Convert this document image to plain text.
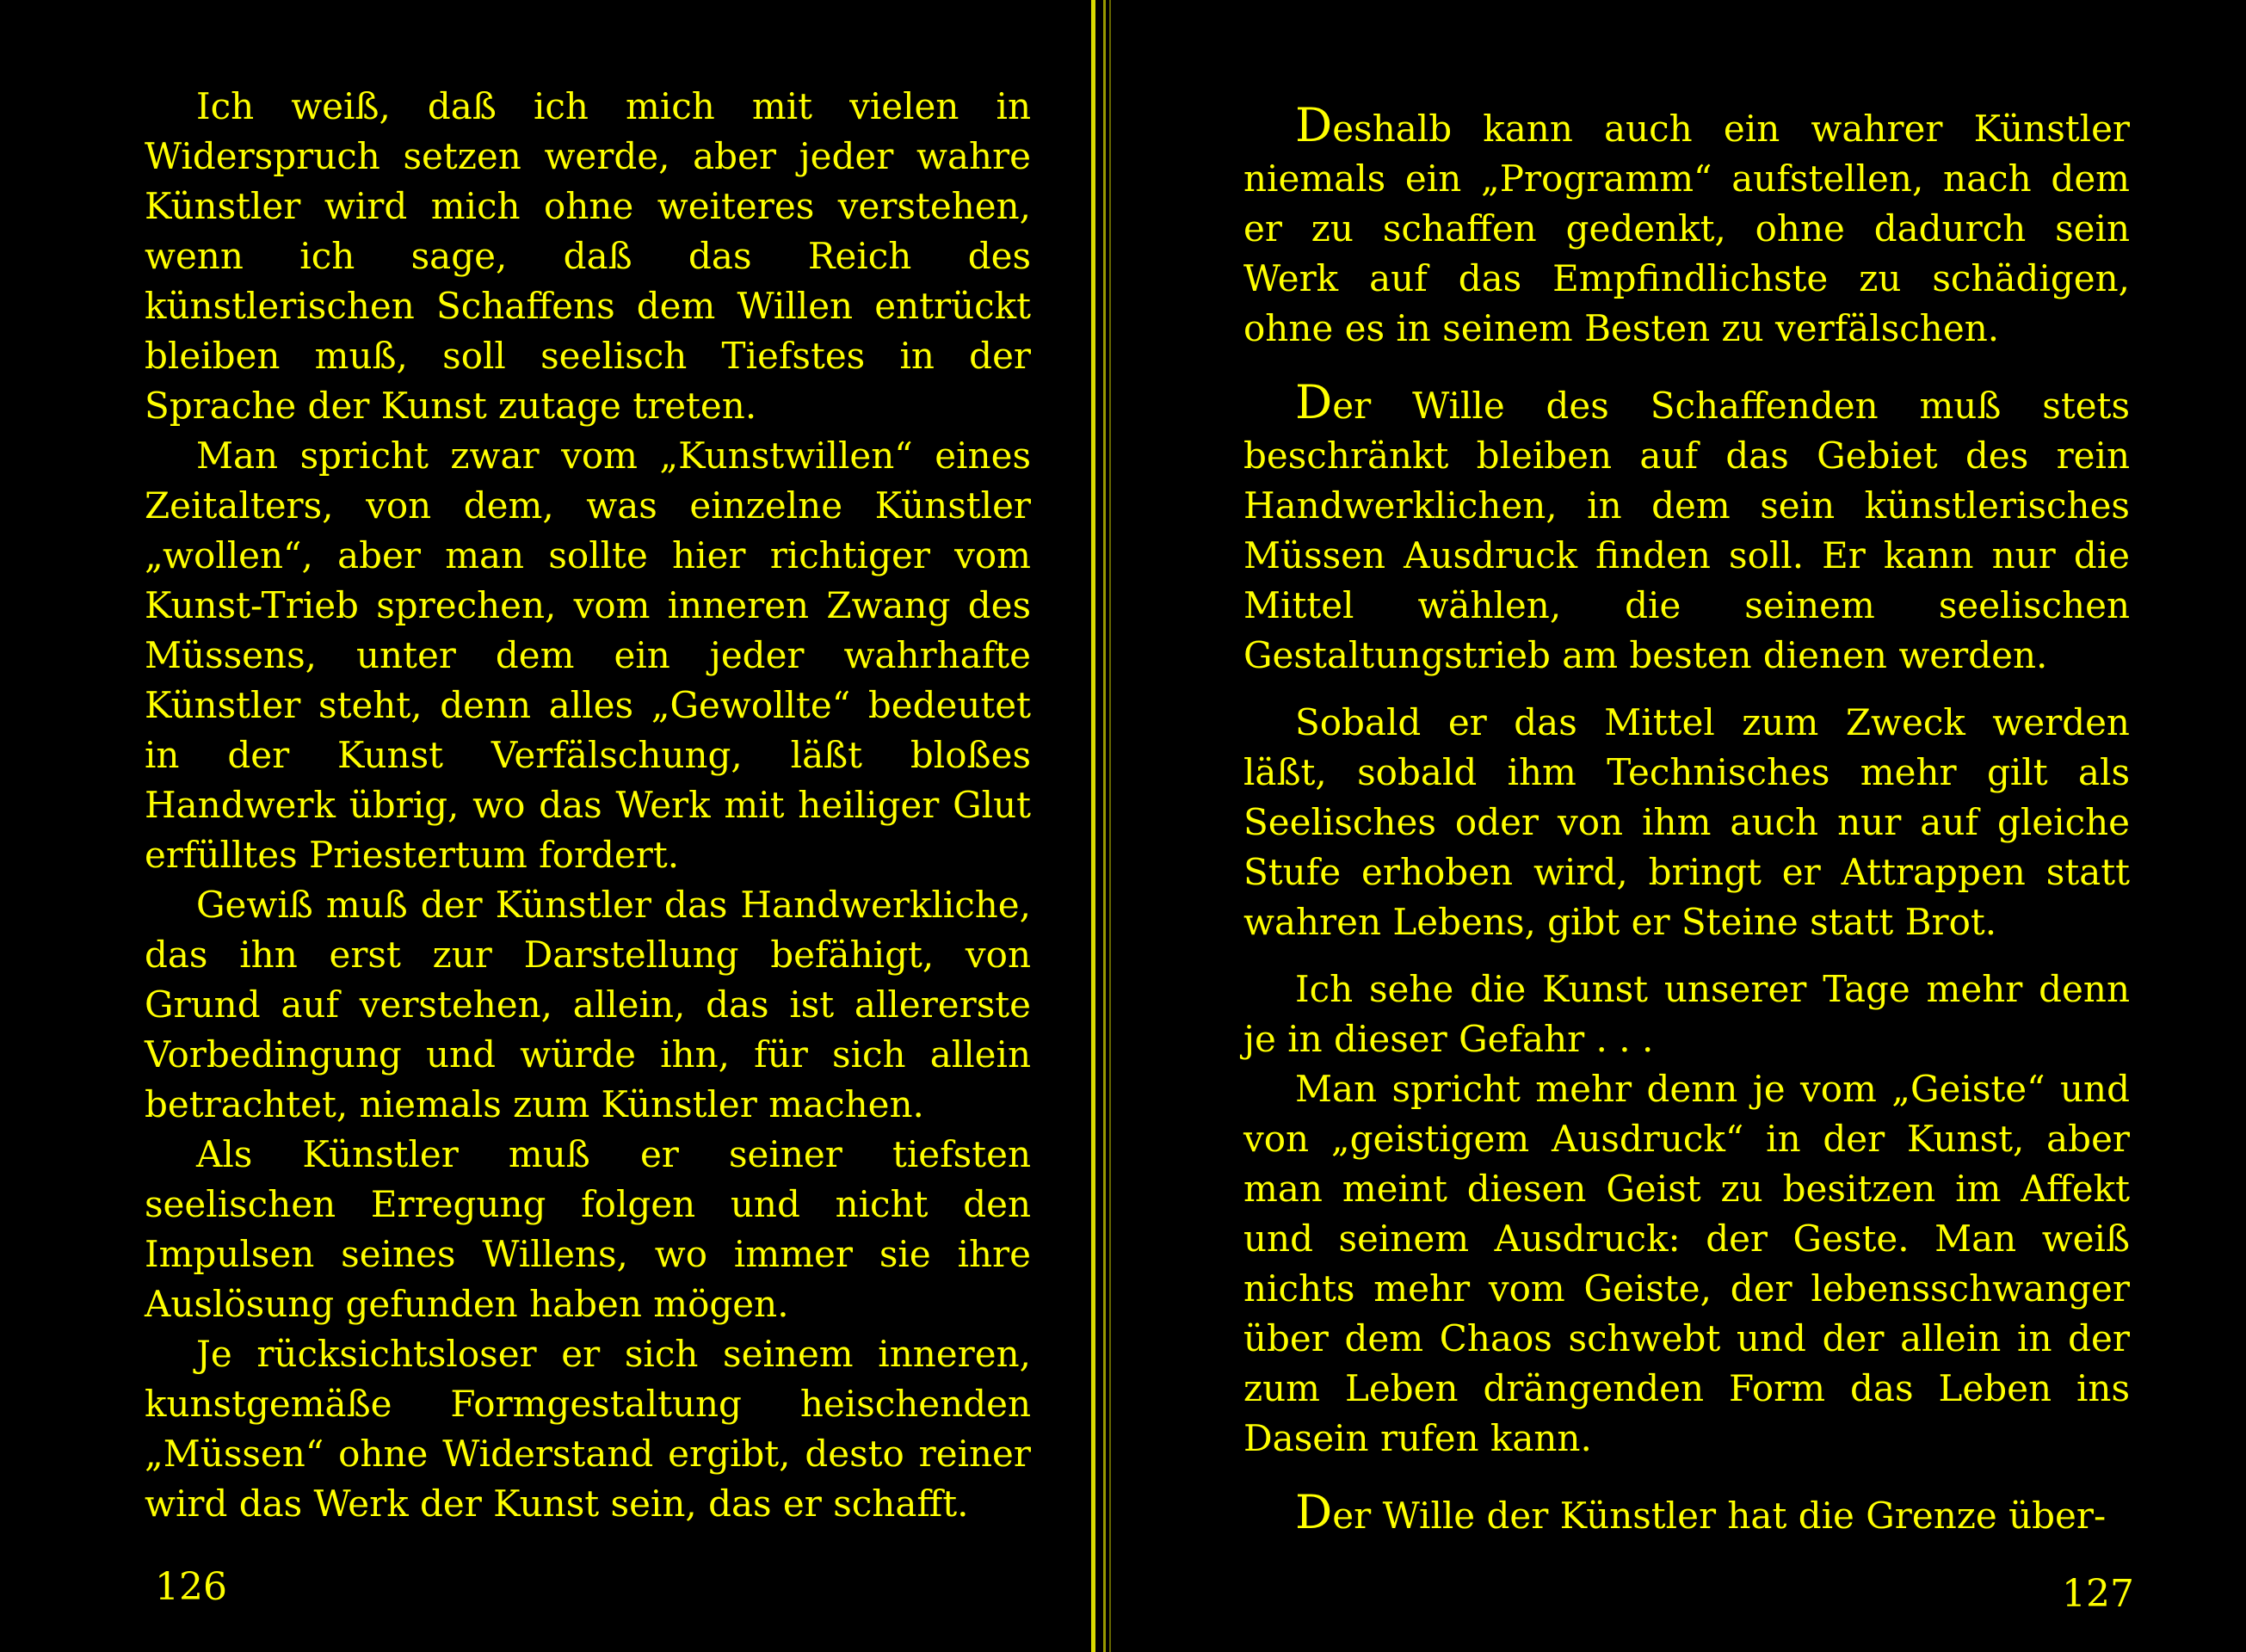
Ich weiß, daß ich mich mit vielen in Widerspruch setzen werde, aber jeder wahre Künstler wird mich ohne weiteres verstehen, wenn ich sage, daß das Reich des künstlerischen Schaffens dem Willen entrückt bleiben muß, soll seelisch Tiefstes in der Sprache der Kunst zutage treten.

Man spricht zwar vom „Kunstwillen“ eines Zeitalters, von dem, was einzelne Künstler „wollen“, aber man sollte hier richtiger vom Kunst-Trieb sprechen, vom inneren Zwang des Müssens, unter dem ein jeder wahrhafte Künstler steht, denn alles „Gewollte“ bedeutet in der Kunst Verfälschung, läßt bloßes Handwerk übrig, wo das Werk mit heiliger Glut erfülltes Priestertum fordert.

Gewiß muß der Künstler das Handwerkliche, das ihn erst zur Darstellung befähigt, von Grund auf verstehen, allein, das ist allererste Vorbedingung und würde ihn, für sich allein betrachtet, niemals zum Künstler machen.

Als Künstler muß er seiner tiefsten seelischen Erregung folgen und nicht den Impulsen seines Willens, wo immer sie ihre Auslösung gefunden haben mögen.

Je rücksichtsloser er sich seinem inneren, kunstgemäße Formgestaltung heischenden „Müssen“ ohne Widerstand ergibt, desto reiner wird das Werk der Kunst sein, das er schafft.

126

Deshalb kann auch ein wahrer Künstler niemals ein „Programm“ aufstellen, nach dem er zu schaffen gedenkt, ohne dadurch sein Werk auf das Empfindlichste zu schädigen, ohne es in seinem Besten zu verfälschen.

Der Wille des Schaffenden muß stets beschränkt bleiben auf das Gebiet des rein Handwerklichen, in dem sein künstlerisches Müssen Ausdruck finden soll. Er kann nur die Mittel wählen, die seinem seelischen Gestaltungstrieb am besten dienen werden.

Sobald er das Mittel zum Zweck werden läßt, sobald ihm Technisches mehr gilt als Seelisches oder von ihm auch nur auf gleiche Stufe erhoben wird, bringt er Attrappen statt wahren Lebens, gibt er Steine statt Brot.

Ich sehe die Kunst unserer Tage mehr denn je in dieser Gefahr . . .

Man spricht mehr denn je vom „Geiste“ und von „geistigem Ausdruck“ in der Kunst, aber man meint diesen Geist zu besitzen im Affekt und seinem Ausdruck: der Geste. Man weiß nichts mehr vom Geiste, der lebensschwanger über dem Chaos schwebt und der allein in der zum Leben drängenden Form das Leben ins Dasein rufen kann.

Der Wille der Künstler hat die Grenze über-

127
